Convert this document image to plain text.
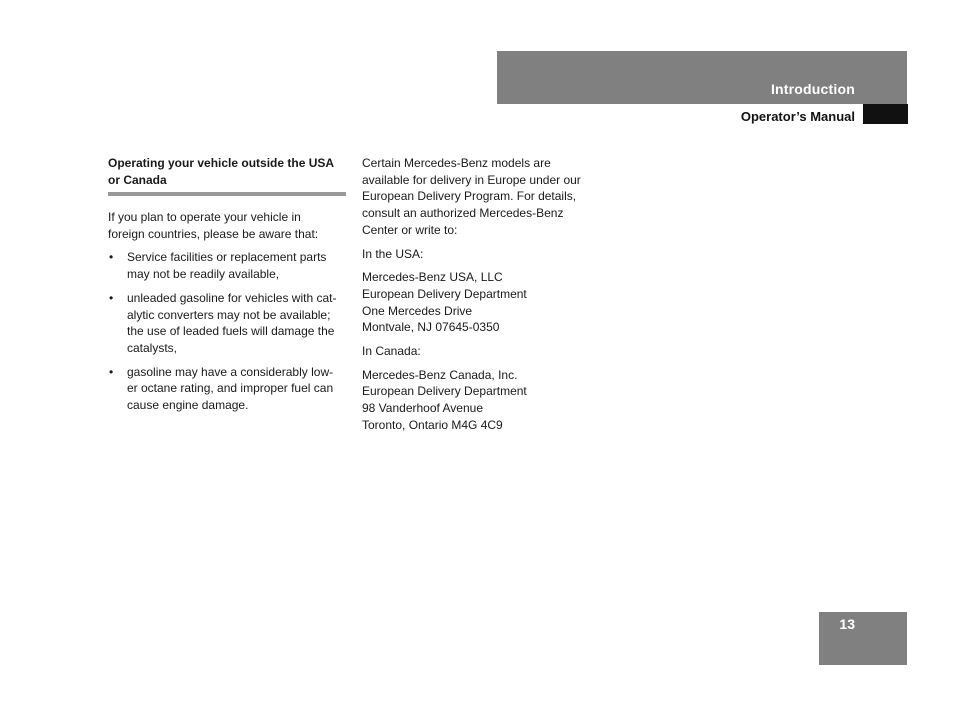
Introduction
Operator’s Manual
Operating your vehicle outside the USA
or Canada

If you plan to operate your vehicle in
foreign countries, please be aware that:

• Service facilities or replacement parts
may not be readily available,
• unleaded gasoline for vehicles with cat-
alytic converters may not be available;
the use of leaded fuels will damage the
catalysts,
• gasoline may have a considerably low-
er octane rating, and improper fuel can
cause engine damage.

Certain Mercedes-Benz models are
available for delivery in Europe under our
European Delivery Program. For details,
consult an authorized Mercedes-Benz
Center or write to:

In the USA:

Mercedes-Benz USA, LLC
European Delivery Department
One Mercedes Drive
Montvale, NJ 07645-0350

In Canada:

Mercedes-Benz Canada, Inc.
European Delivery Department
98 Vanderhoof Avenue
Toronto, Ontario M4G 4C9
13
